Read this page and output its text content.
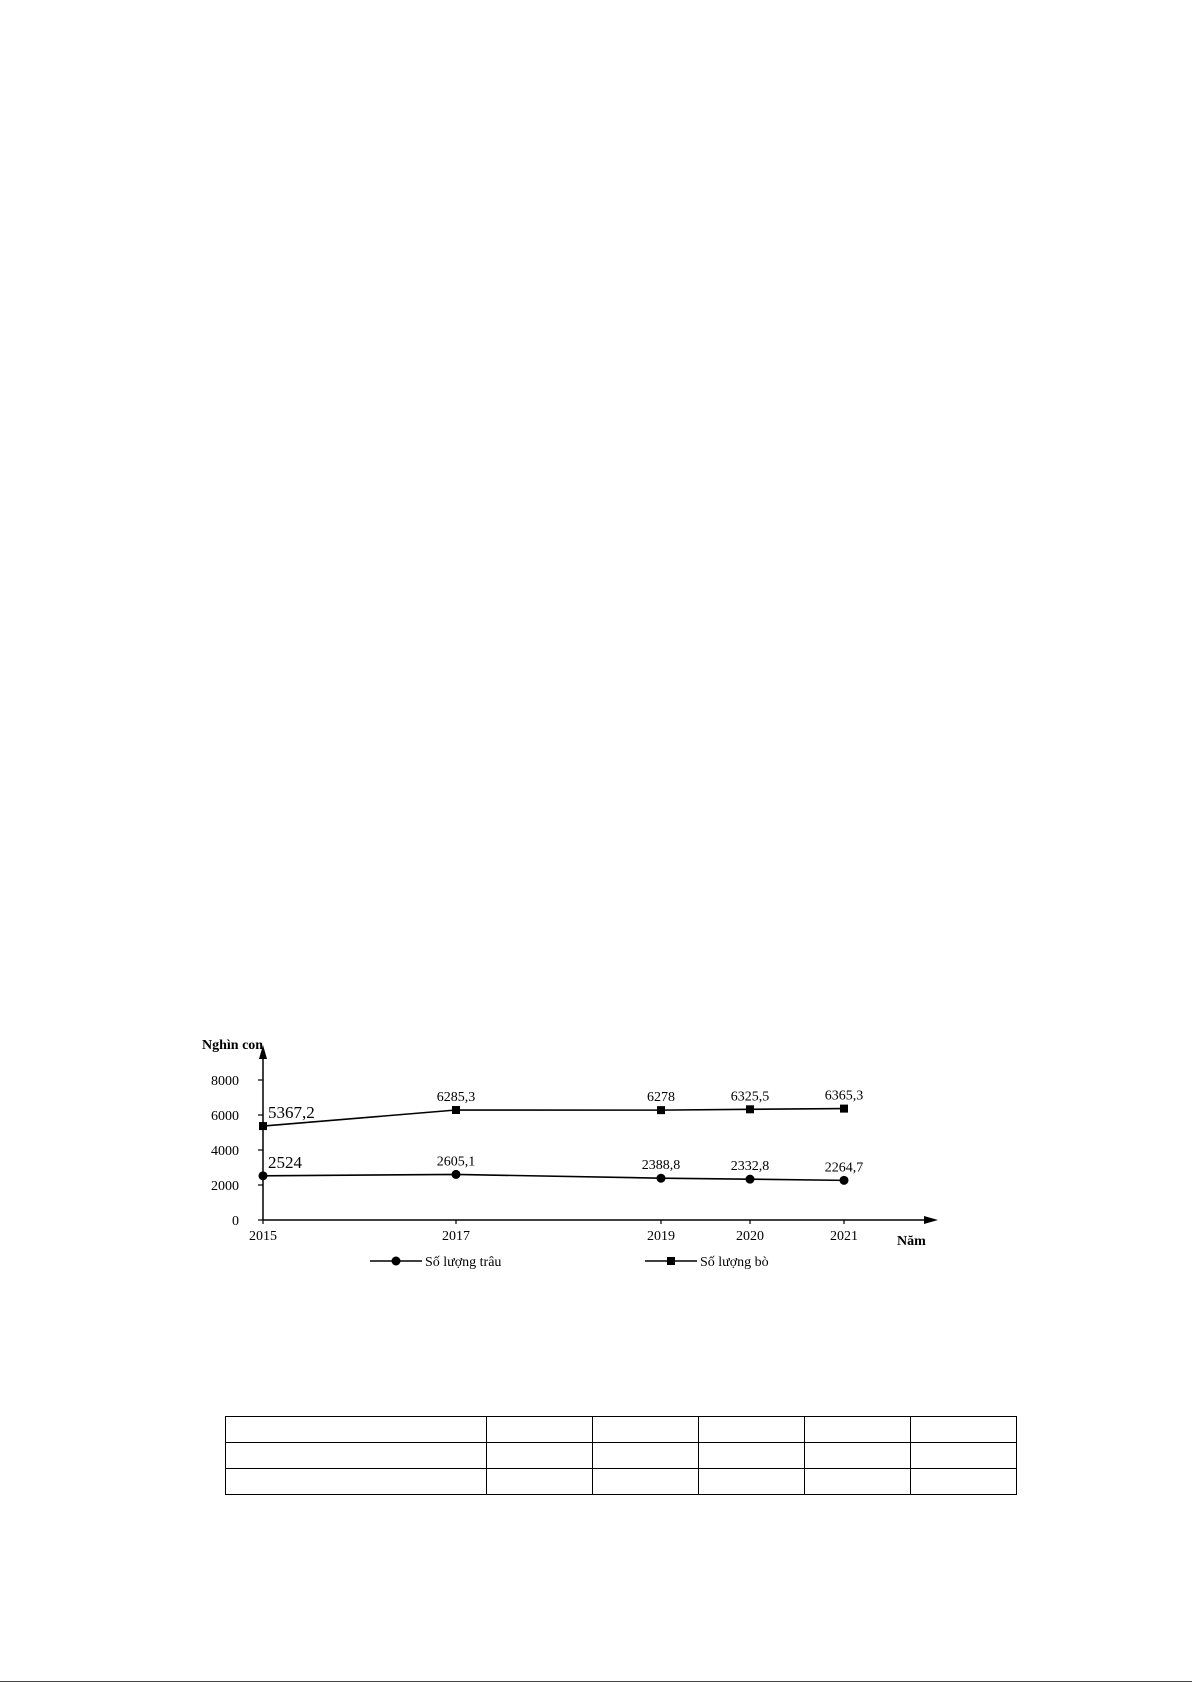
Nghìn con
Năm
0
2000
4000
6000
8000
2015	2017	2019	2020	2021
2524	2605,1	2388,8	2332,8	2264,7
5367,2
6285,3	6278	6325,5	6365,3
Số lượng trâu	Số lượng bò
